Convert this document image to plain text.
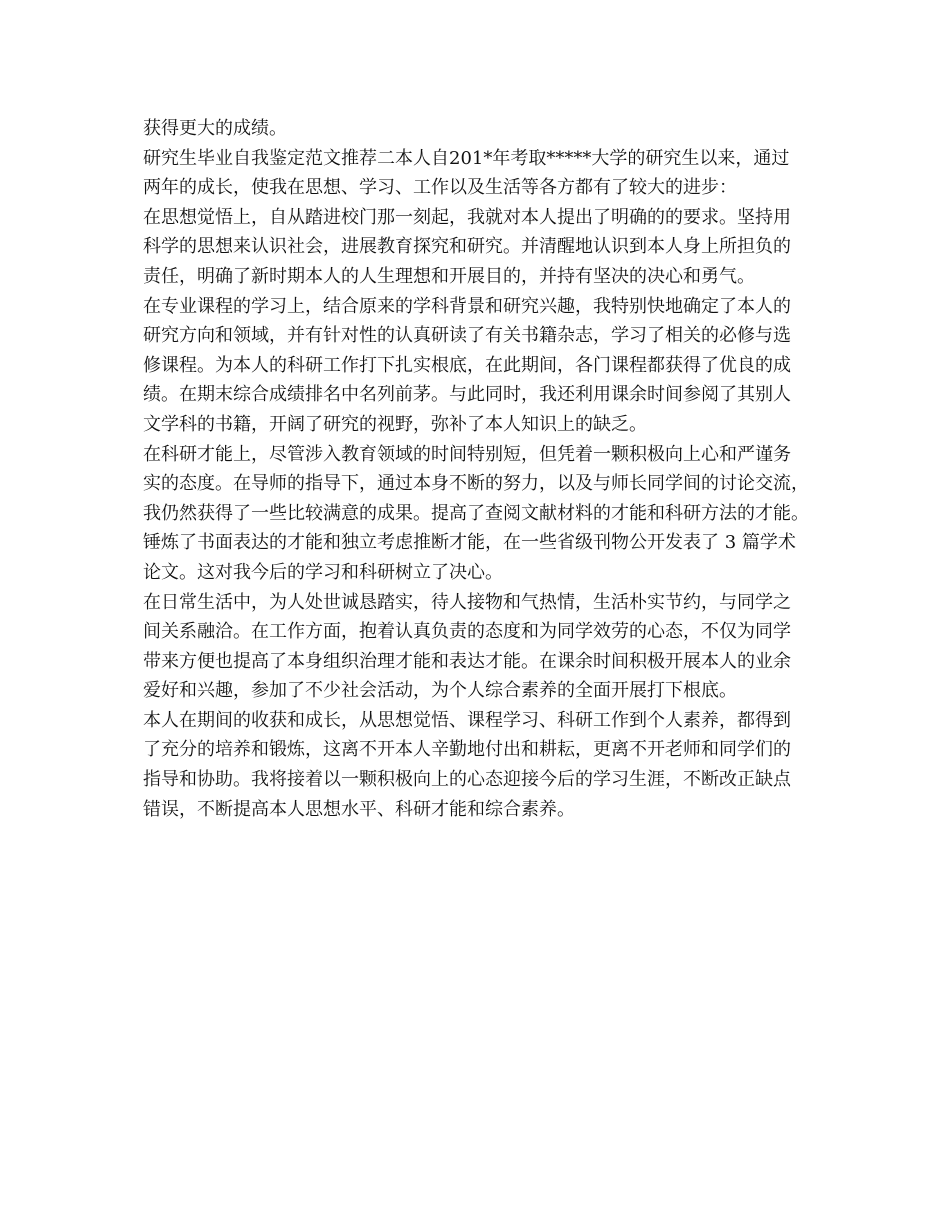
获得更大的成绩。
研究生毕业自我鉴定范文推荐二本人自201*年考取*****大学的研究生以来，通过
两年的成长，使我在思想、学习、工作以及生活等各方都有了较大的进步：
在思想觉悟上，自从踏进校门那一刻起，我就对本人提出了明确的的要求。坚持用
科学的思想来认识社会，进展教育探究和研究。并清醒地认识到本人身上所担负的
责任，明确了新时期本人的人生理想和开展目的，并持有坚决的决心和勇气。
在专业课程的学习上，结合原来的学科背景和研究兴趣，我特别快地确定了本人的
研究方向和领域，并有针对性的认真研读了有关书籍杂志，学习了相关的必修与选
修课程。为本人的科研工作打下扎实根底，在此期间，各门课程都获得了优良的成
绩。在期末综合成绩排名中名列前茅。与此同时，我还利用课余时间参阅了其别人
文学科的书籍，开阔了研究的视野，弥补了本人知识上的缺乏。
在科研才能上，尽管涉入教育领域的时间特别短，但凭着一颗积极向上心和严谨务
实的态度。在导师的指导下，通过本身不断的努力，以及与师长同学间的讨论交流，
我仍然获得了一些比较满意的成果。提高了查阅文献材料的才能和科研方法的才能。
锤炼了书面表达的才能和独立考虑推断才能，在一些省级刊物公开发表了 3 篇学术
论文。这对我今后的学习和科研树立了决心。
在日常生活中，为人处世诚恳踏实，待人接物和气热情，生活朴实节约，与同学之
间关系融洽。在工作方面，抱着认真负责的态度和为同学效劳的心态，不仅为同学
带来方便也提高了本身组织治理才能和表达才能。在课余时间积极开展本人的业余
爱好和兴趣，参加了不少社会活动，为个人综合素养的全面开展打下根底。
本人在期间的收获和成长，从思想觉悟、课程学习、科研工作到个人素养，都得到
了充分的培养和锻炼，这离不开本人辛勤地付出和耕耘，更离不开老师和同学们的
指导和协助。我将接着以一颗积极向上的心态迎接今后的学习生涯，不断改正缺点
错误，不断提高本人思想水平、科研才能和综合素养。
